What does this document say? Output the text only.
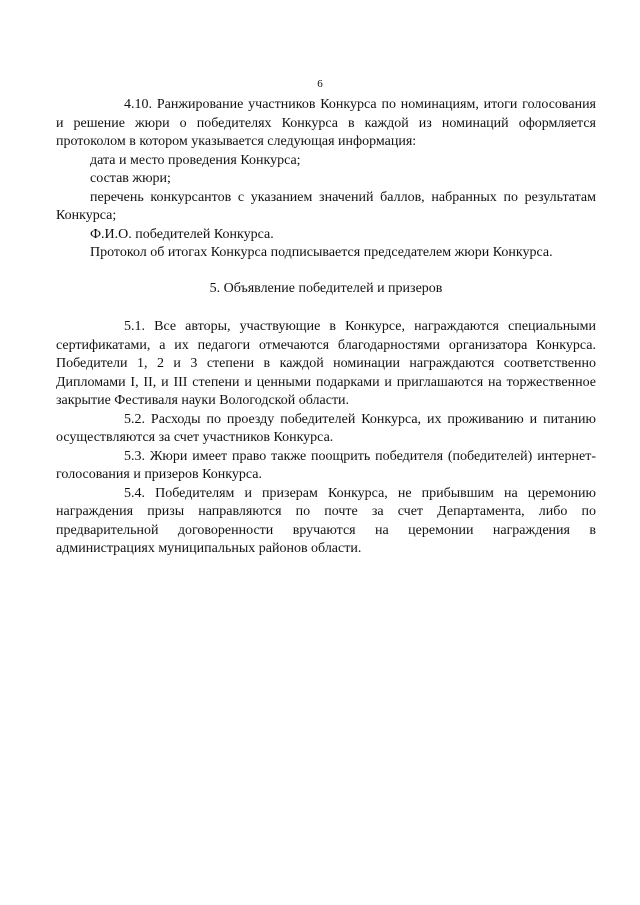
6

4.10. Ранжирование участников Конкурса по номинациям, итоги голосования и решение жюри о победителях Конкурса в каждой из номинаций оформляется протоколом в котором указывается следующая информация:

дата и место проведения Конкурса;

состав жюри;

перечень конкурсантов с указанием значений баллов, набранных по результатам Конкурса;

Ф.И.О. победителей Конкурса.

Протокол об итогах Конкурса подписывается председателем жюри Конкурса.

5. Объявление победителей и призеров

5.1. Все авторы, участвующие в Конкурсе, награждаются специальными сертификатами, а их педагоги отмечаются благодарностями организатора Конкурса. Победители 1, 2 и 3 степени в каждой номинации награждаются соответственно Дипломами I, II, и III степени и ценными подарками и приглашаются на торжественное закрытие Фестиваля науки Вологодской области.

5.2. Расходы по проезду победителей Конкурса, их проживанию и питанию осуществляются за счет участников Конкурса.

5.3. Жюри имеет право также поощрить победителя (победителей) интернет-голосования и призеров Конкурса.

5.4. Победителям и призерам Конкурса, не прибывшим на церемонию награждения призы направляются по почте за счет Департамента, либо по предварительной договоренности вручаются на церемонии награждения в администрациях муниципальных районов области.
